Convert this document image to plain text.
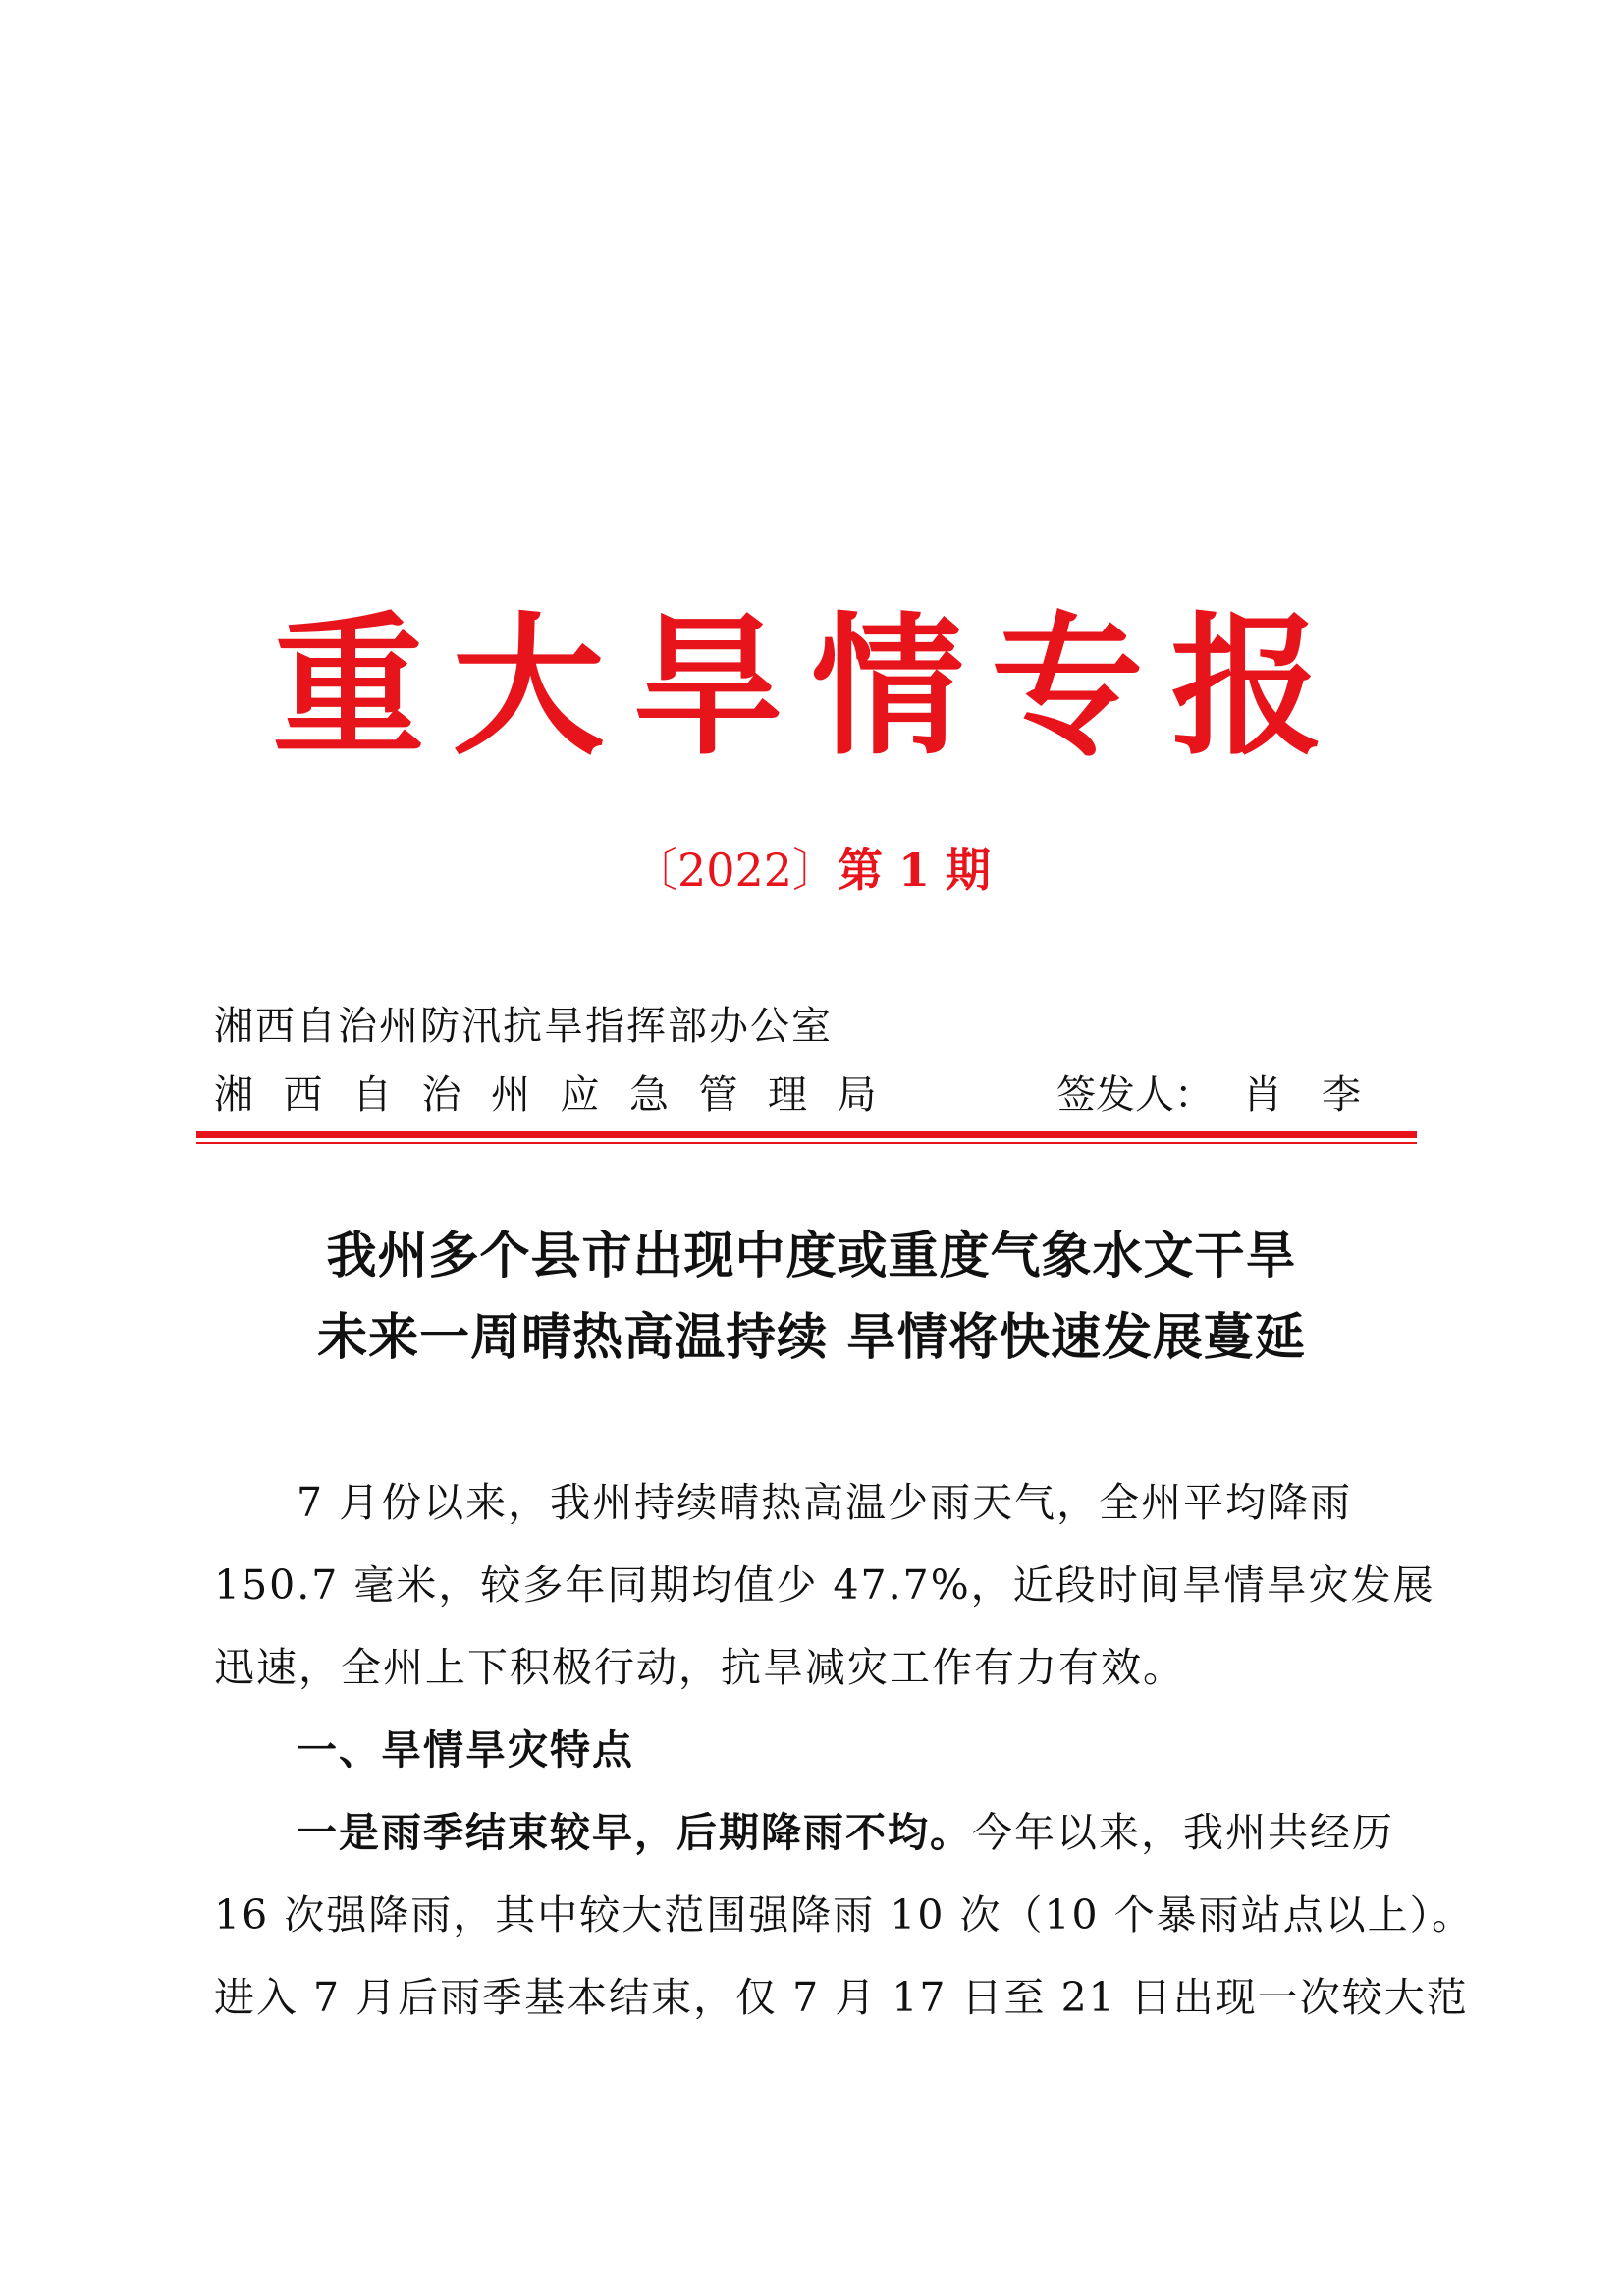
重大旱情专报
〔2022〕第 1 期
湘西自治州防汛抗旱指挥部办公室
湘西自治州应急管理局	签发人： 肖李
我州多个县市出现中度或重度气象水文干旱
未来一周晴热高温持续 旱情将快速发展蔓延
7 月份以来，我州持续晴热高温少雨天气，全州平均降雨
150.7 毫米，较多年同期均值少 47.7%，近段时间旱情旱灾发展
迅速，全州上下积极行动，抗旱减灾工作有力有效。
一、旱情旱灾特点
一是雨季结束较早，后期降雨不均。今年以来，我州共经历
16 次强降雨，其中较大范围强降雨 10 次（10 个暴雨站点以上）。
进入 7 月后雨季基本结束，仅 7 月 17 日至 21 日出现一次较大范
